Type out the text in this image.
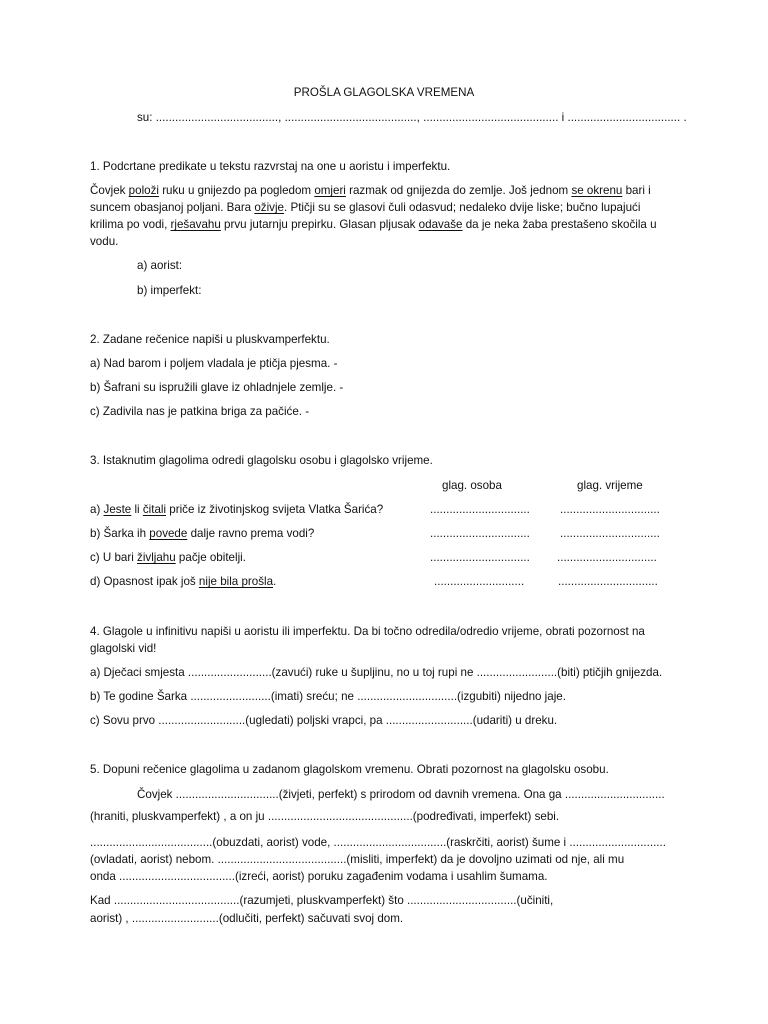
PROŠLA GLAGOLSKA VREMENA
su: ......................................, ........................................., .......................................... i ................................... .
1. Podcrtane predikate u tekstu razvrstaj na one u aoristu i imperfektu.
Čovjek položi ruku u gnijezdo pa pogledom omjeri razmak od gnijezda do zemlje. Još jednom se okrenu bari i
suncem obasjanoj poljani. Bara oživje. Ptičji su se glasovi čuli odasvud; nedaleko dvije liske; bučno lupajući
krilima po vodi, rješavahu prvu jutarnju prepirku. Glasan pljusak odavaše da je neka žaba prestašeno skočila u
vodu.
a) aorist:
b) imperfekt:
2. Zadane rečenice napiši u pluskvamperfektu.
a) Nad barom i poljem vladala je ptičja pjesma. -
b) Šafrani su ispružili glave iz ohladnjele zemlje. -
c) Zadivila nas je patkina briga za pačiće. -
3. Istaknutim glagolima odredi glagolsku osobu i glagolsko vrijeme.
glag. osoba	glag. vrijeme
a) Jeste li čitali priče iz životinjskog svijeta Vlatka Šarića?	...............................	...............................
b) Šarka ih povede dalje ravno prema vodi?	...............................	...............................
c) U bari življahu pačje obitelji.	............................... ...............................
d) Opasnost ipak još nije bila prošla.	............................	...............................
4. Glagole u infinitivu napiši u aoristu ili imperfektu. Da bi točno odredila/odredio vrijeme, obrati pozornost na
glagolski vid!
a) Dječaci smjesta ..........................(zavući) ruke u šupljinu, no u toj rupi ne .........................(biti) ptičjih gnijezda.
b) Te godine Šarka .........................(imati) sreću; ne ...............................(izgubiti) nijedno jaje.
c) Sovu prvo ...........................(ugledati) poljski vrapci, pa ...........................(udariti) u dreku.
5. Dopuni rečenice glagolima u zadanom glagolskom vremenu. Obrati pozornost na glagolsku osobu.
Čovjek ................................(živjeti, perfekt) s prirodom od davnih vremena. Ona ga ...............................
(hraniti, pluskvamperfekt) , a on ju .............................................(podređivati, imperfekt) sebi.
......................................(obuzdati, aorist) vode, ...................................(raskrčiti, aorist) šume i ..............................
(ovladati, aorist) nebom. ........................................(misliti, imperfekt) da je dovoljno uzimati od nje, ali mu
onda ....................................(izreći, aorist) poruku zagađenim vodama i usahlim šumama.
Kad .......................................(razumjeti, pluskvamperfekt) što ..................................(učiniti,
aorist) , ...........................(odlučiti, perfekt) sačuvati svoj dom.
